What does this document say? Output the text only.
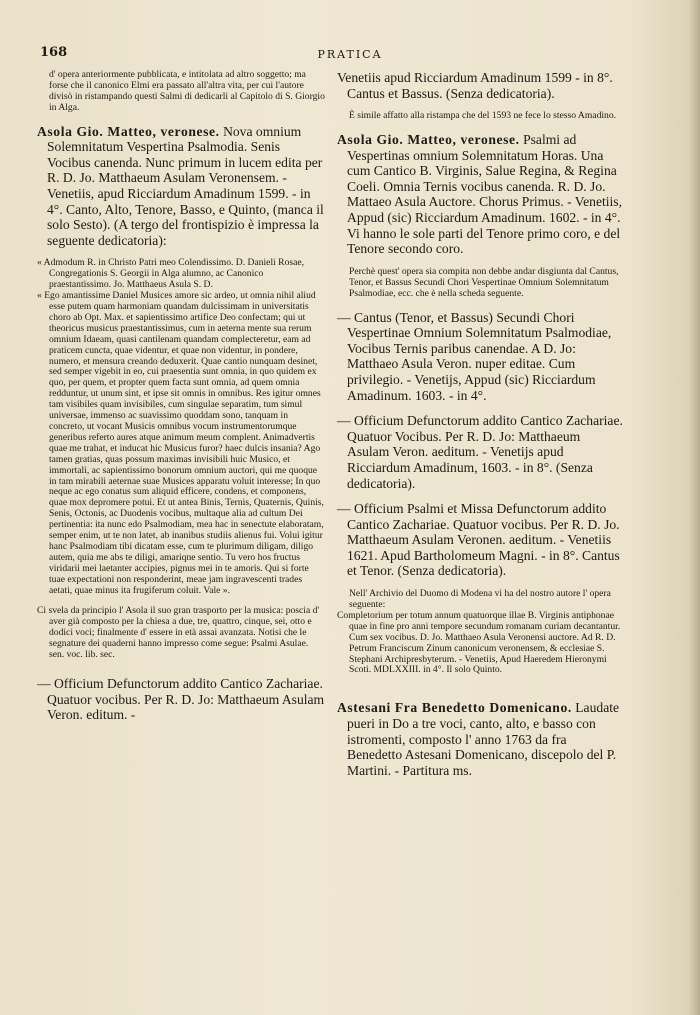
168	PRATICA

d' opera anteriormente pubblicata, e intitolata ad altro soggetto; ma forse che il canonico Elmi era passato all'altra vita, per cui l'autore divisò in ristampando questi Salmi di dedicarli al Capitolo di S. Giorgio in Alga.

Asola Gio. Matteo, veronese. Nova omnium Solemnitatum Vespertina Psalmodia. Senis Vocibus canenda. Nunc primum in lucem edita per R. D. Jo. Matthaeum Asulam Veronensem. - Venetiis, apud Ricciardum Amadinum 1599. - in 4°. Canto, Alto, Tenore, Basso, e Quinto, (manca il solo Sesto). (A tergo del frontispizio è impressa la seguente dedicatoria):

« Admodum R. in Christo Patri meo Colendissimo. D. Danieli Rosae, Congregationis S. Georgii in Alga alumno, ac Canonico praestantissimo. Jo. Matthaeus Asula S. D.

« Ego amantissime Daniel Musices amore sic ardeo, ut omnia nihil aliud esse putem quam harmoniam quandam dulcissimam in universitatis choro ab Opt. Max. et sapientissimo artifice Deo confectam; qui ut theoricus musicus praestantissimus, cum in aeterna mente sua rerum omnium Idaeam, quasi cantilenam quandam complecteretur, eam ad praticem cuncta, quae videntur, et quae non videntur, in pondere, numero, et mensura creando deduxerit. Quae cantio nunquam desinet, sed semper vigebit in eo, cui praesentia sunt omnia, in quo quidem ex quo, per quem, et propter quem facta sunt omnia, ad quem omnia redduntur, ut unum sint, et ipse sit omnis in omnibus. Res igitur omnes tam visibiles quam invisibiles, cum singulae separatim, tum simul universae, immenso ac suavissimo quoddam sono, tanquam in concreto, ut vocant Musicis omnibus vocum instrumentorumque generibus referto aures atque animum meum complent. Animadvertis quae me trahat, et inducat hic Musicus furor? haec dulcis insania? Ago tamen gratias, quas possum maximas invisibili huic Musico, et immortali, ac sapientissimo bonorum omnium auctori, qui me quoque in tam mirabili aeternae suae Musices apparatu voluit interesse; In quo neque ac ego conatus sum aliquid efficere, condens, et componens, quae mox depromere potui. Et ut antea Binis, Ternis, Quaternis, Quinis, Senis, Octonis, ac Duodenis vocibus, multaque alia ad cultum Dei pertinentia: ita nunc edo Psalmodiam, mea hac in senectute elaboratam, semper enim, ut te non latet, ab inanibus studiis alienus fui. Volui igitur hanc Psalmodiam tibi dicatam esse, cum te plurimum diligam, diligo autem, quia me abs te diligi, amariqne sentio. Tu vero hos fructus viridarii mei laetanter accipies, pignus mei in te amoris. Qui si forte tuae expectationi non responderint, meae jam ingravescenti trades aetati, quae minus ita frugiferum coluit. Vale ».

Ci svela da principio l' Asola il suo gran trasporto per la musica: poscia d' aver già composto per la chiesa a due, tre, quattro, cinque, sei, otto e dodici voci; finalmente d' essere in età assai avanzata. Notisi che le segnature dei quaderni hanno impresso come segue: Psalmi Asulae. sen. voc. lib. sec.

— Officium Defunctorum addito Cantico Zachariae. Quatuor vocibus. Per R. D. Jo: Matthaeum Asulam Veron. editum. -

Venetiis apud Ricciardum Amadinum 1599 - in 8°. Cantus et Bassus. (Senza dedicatoria).

È simile affatto alla ristampa che del 1593 ne fece lo stesso Amadino.

Asola Gio. Matteo, veronese. Psalmi ad Vespertinas omnium Solemnitatum Horas. Una cum Cantico B. Virginis, Salue Regina, & Regina Coeli. Omnia Ternis vocibus canenda. R. D. Jo. Mattaeo Asula Auctore. Chorus Primus. - Venetiis, Appud (sic) Ricciardum Amadinum. 1602. - in 4°. Vi hanno le sole parti del Tenore primo coro, e del Tenore secondo coro.

Perchè quest' opera sia compita non debbe andar disgiunta dal Cantus, Tenor, et Bassus Secundi Chori Vespertinae Omnium Solemnitatum Psalmodiae, ecc. che è nella scheda seguente.

— Cantus (Tenor, et Bassus) Secundi Chori Vespertinae Omnium Solemnitatum Psalmodiae, Vocibus Ternis paribus canendae. A D. Jo: Matthaeo Asula Veron. nuper editae. Cum privilegio. - Venetijs, Appud (sic) Ricciardum Amadinum. 1603. - in 4°.

— Officium Defunctorum addito Cantico Zachariae. Quatuor Vocibus. Per R. D. Jo: Matthaeum Asulam Veron. aeditum. - Venetijs apud Ricciardum Amadinum, 1603. - in 8°. (Senza dedicatoria).

— Officium Psalmi et Missa Defunctorum addito Cantico Zachariae. Quatuor vocibus. Per R. D. Jo. Matthaeum Asulam Veronen. aeditum. - Venetiis 1621. Apud Bartholomeum Magni. - in 8°. Cantus et Tenor. (Senza dedicatoria).

Nell' Archivio del Duomo di Modena vi ha del nostro autore l' opera seguente:

Completorium per totum annum quatuorque illae B. Virginis antiphonae quae in fine pro anni tempore secundum romanam curiam decantantur. Cum sex vocibus. D. Jo. Matthaeo Asula Veronensi auctore. Ad R. D. Petrum Franciscum Zinum canonicum veronensem, & ecclesiae S. Stephani Archipresbyterum. - Venetiis, Apud Haeredem Hieronymi Scoti. MDLXXIII. in 4°. Il solo Quinto.

Astesani Fra Benedetto Domenicano. Laudate pueri in Do a tre voci, canto, alto, e basso con istromenti, composto l' anno 1763 da fra Benedetto Astesani Domenicano, discepolo del P. Martini. - Partitura ms.
